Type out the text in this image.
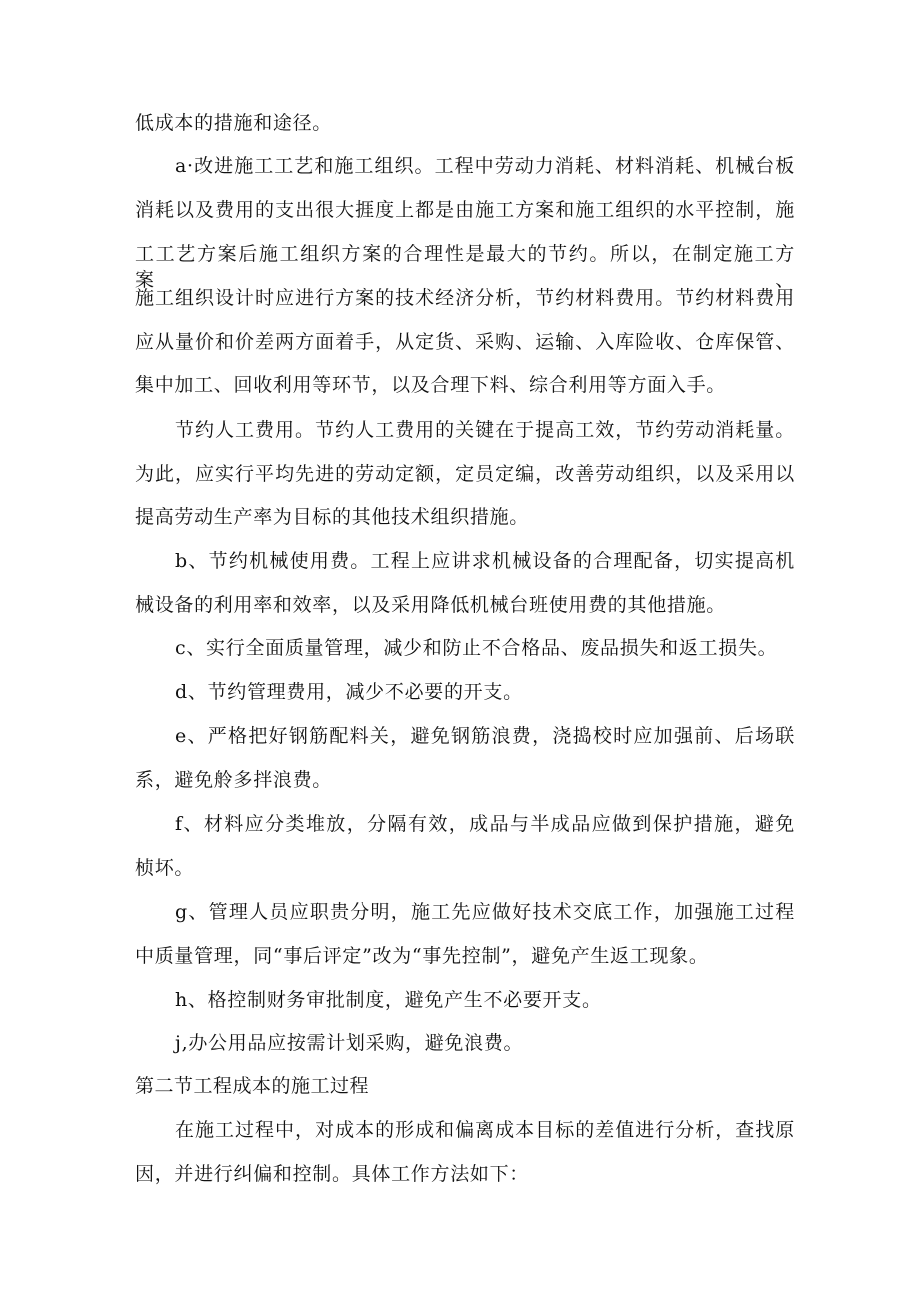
低成本的措施和途径。
a·改进施工工艺和施工组织。工程中劳动力消耗、材料消耗、机械台板
消耗以及费用的支出很大捱度上都是由施工方案和施工组织的水平控制，施
工工艺方案后施工组织方案的合理性是最大的节约。所以，在制定施工方案、
施工组织设计时应进行方案的技术经济分析，节约材料费用。节约材料费用
应从量价和价差两方面着手，从定货、采购、运输、入库险收、仓库保管、
集中加工、回收利用等环节，以及合理下料、综合利用等方面入手。
节约人工费用。节约人工费用的关键在于提高工效，节约劳动消耗量。
为此，应实行平均先进的劳动定额，定员定编，改善劳动组织，以及采用以
提高劳动生产率为目标的其他技术组织措施。
b、节约机械使用费。工程上应讲求机械设备的合理配备，切实提高机
械设备的利用率和效率，以及采用降低机械台班使用费的其他措施。
c、实行全面质量管理，减少和防止不合格品、废品损失和返工损失。
d、节约管理费用，减少不必要的开支。
e、严格把好钢筋配料关，避免钢筋浪费，浇捣校时应加强前、后场联
系，避免舲多拌浪费。
f、材料应分类堆放，分隔有效，成品与半成品应做到保护措施，避免
桢坏。
g、管理人员应职贵分明，施工先应做好技术交底工作，加强施工过程
中质量管理，同“事后评定”改为“事先控制”，避免产生返工现象。
h、格控制财务审批制度，避免产生不必要开支。
j,办公用品应按需计划采购，避免浪费。
第二节工程成本的施工过程
在施工过程中，对成本的形成和偏离成本目标的差值进行分析，查找原
因，并进行纠偏和控制。具体工作方法如下：
